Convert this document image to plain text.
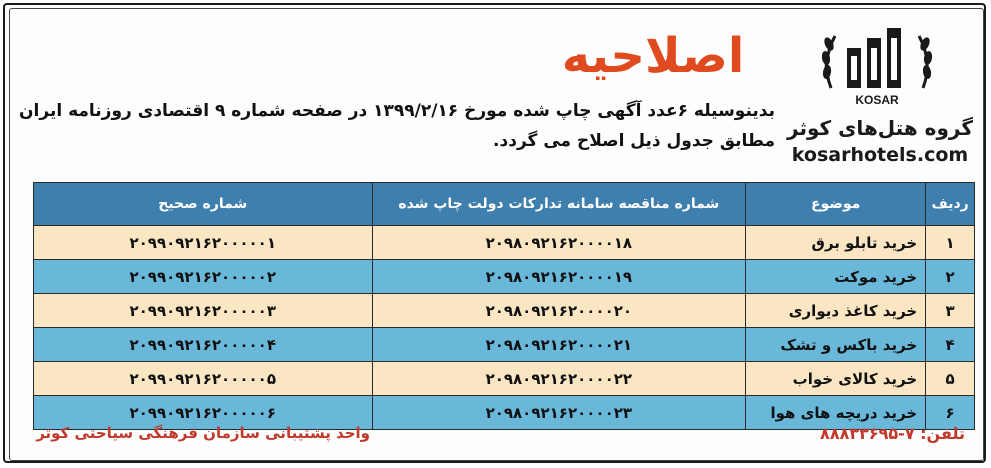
KOSAR
گروه هتل‌های کوثر
kosarhotels.com
اصلاحیه
بدینوسیله ۶عدد آگهی چاپ شده مورخ ۱۳۹۹/۲/۱۶ در صفحه شماره ۹ اقتصادی روزنامه ایران
مطابق جدول ذیل اصلاح می گردد.
ردیف	موضوع	شماره مناقصه سامانه تدارکات دولت چاپ شده	شماره صحیح
۱	خرید تابلو برق	۲۰۹۸۰۹۲۱۶۲۰۰۰۰۱۸	۲۰۹۹۰۹۲۱۶۲۰۰۰۰۰۱
۲	خرید موکت	۲۰۹۸۰۹۲۱۶۲۰۰۰۰۱۹	۲۰۹۹۰۹۲۱۶۲۰۰۰۰۰۲
۳	خرید کاغذ دیواری	۲۰۹۸۰۹۲۱۶۲۰۰۰۰۲۰	۲۰۹۹۰۹۲۱۶۲۰۰۰۰۰۳
۴	خرید باکس و تشک	۲۰۹۸۰۹۲۱۶۲۰۰۰۰۲۱	۲۰۹۹۰۹۲۱۶۲۰۰۰۰۰۴
۵	خرید کالای خواب	۲۰۹۸۰۹۲۱۶۲۰۰۰۰۲۲	۲۰۹۹۰۹۲۱۶۲۰۰۰۰۰۵
۶	خرید دریچه های هوا	۲۰۹۸۰۹۲۱۶۲۰۰۰۰۲۳	۲۰۹۹۰۹۲۱۶۲۰۰۰۰۰۶
تلفن: ۷-۸۸۸۳۳۶۹۵
واحد پشتیبانی سازمان فرهنگی سیاحتی کوثر
